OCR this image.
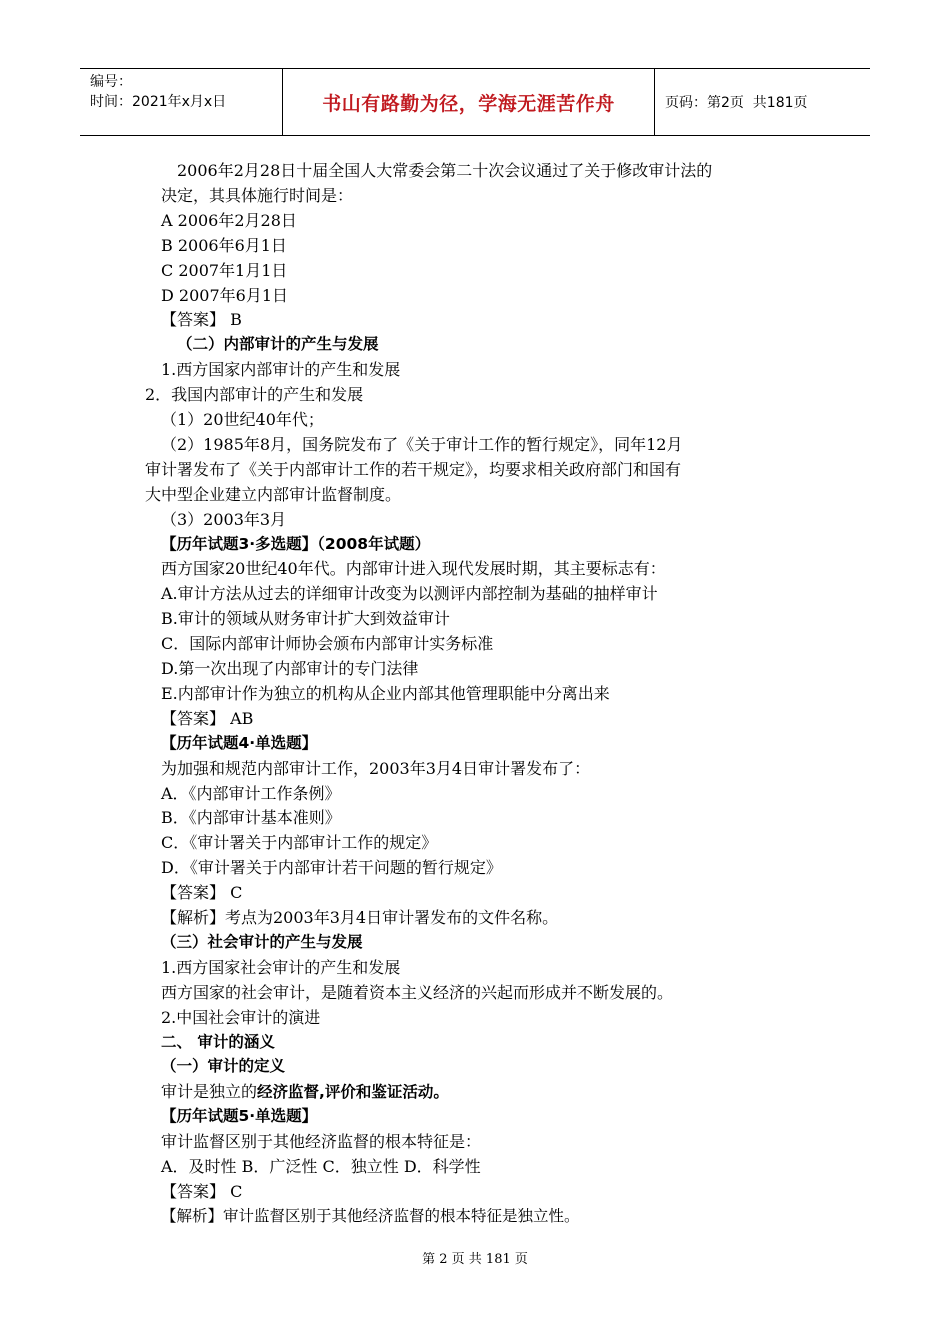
编号：
时间：2021年x月x日	书山有路勤为径，学海无涯苦作舟	页码：第2页  共181页
2006年2月28日十届全国人大常委会第二十次会议通过了关于修改审计法的
决定，其具体施行时间是：
A 2006年2月28日
B 2006年6月1日
C 2007年1月1日
D 2007年6月1日
【答案】 B
（二）内部审计的产生与发展
1.西方国家内部审计的产生和发展
2．我国内部审计的产生和发展
（1）20世纪40年代；
（2）1985年8月，国务院发布了《关于审计工作的暂行规定》，同年12月
审计署发布了《关于内部审计工作的若干规定》，均要求相关政府部门和国有
大中型企业建立内部审计监督制度。
（3）2003年3月
【历年试题3·多选题】（2008年试题）
西方国家20世纪40年代。内部审计进入现代发展时期，其主要标志有：
A.审计方法从过去的详细审计改变为以测评内部控制为基础的抽样审计
B.审计的领域从财务审计扩大到效益审计
C．国际内部审计师协会颁布内部审计实务标准
D.第一次出现了内部审计的专门法律
E.内部审计作为独立的机构从企业内部其他管理职能中分离出来
【答案】 AB
【历年试题4·单选题】
为加强和规范内部审计工作，2003年3月4日审计署发布了：
A．《内部审计工作条例》
B．《内部审计基本准则》
C．《审计署关于内部审计工作的规定》
D．《审计署关于内部审计若干问题的暂行规定》
【答案】 C
【解析】考点为2003年3月4日审计署发布的文件名称。
（三）社会审计的产生与发展
1.西方国家社会审计的产生和发展
西方国家的社会审计，是随着资本主义经济的兴起而形成并不断发展的。
2.中国社会审计的演进
二、 审计的涵义
（一）审计的定义
审计是独立的经济监督,评价和鉴证活动。
【历年试题5·单选题】
审计监督区别于其他经济监督的根本特征是：
A．及时性 B．广泛性 C．独立性 D．科学性
【答案】 C
【解析】审计监督区别于其他经济监督的根本特征是独立性。
第 2 页 共 181 页
